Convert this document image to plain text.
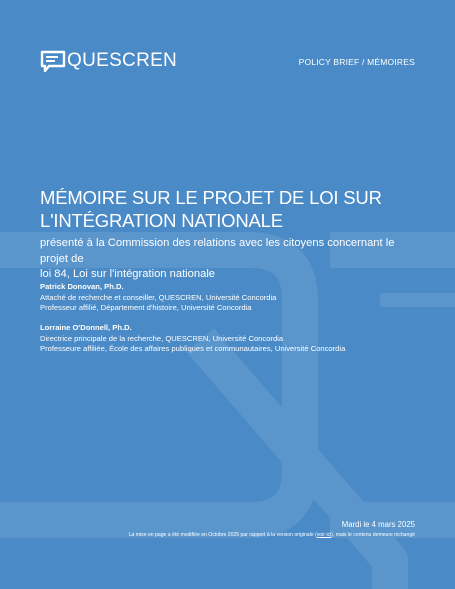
QUESCREN	POLICY BRIEF / MÉMOIRES
MÉMOIRE SUR LE PROJET DE LOI SUR
L'INTÉGRATION NATIONALE

présenté à la Commission des relations avec les citoyens concernant le projet de
loi 84, Loi sur l'intégration nationale

Patrick Donovan, Ph.D.
Attaché de recherche et conseiller, QUESCREN, Université Concordia
Professeur affilié, Département d'histoire, Université Concordia
Lorraine O'Donnell, Ph.D.
Directrice principale de la recherche, QUESCREN, Université Concordia
Professeure affiliée, École des affaires publiques et communautaires, Université Concordia
Mardi le 4 mars 2025
La mise en page a été modifiée en Octobre 2025 par rapport à la version originale (voir ici), mais le contenu demeure inchangé
